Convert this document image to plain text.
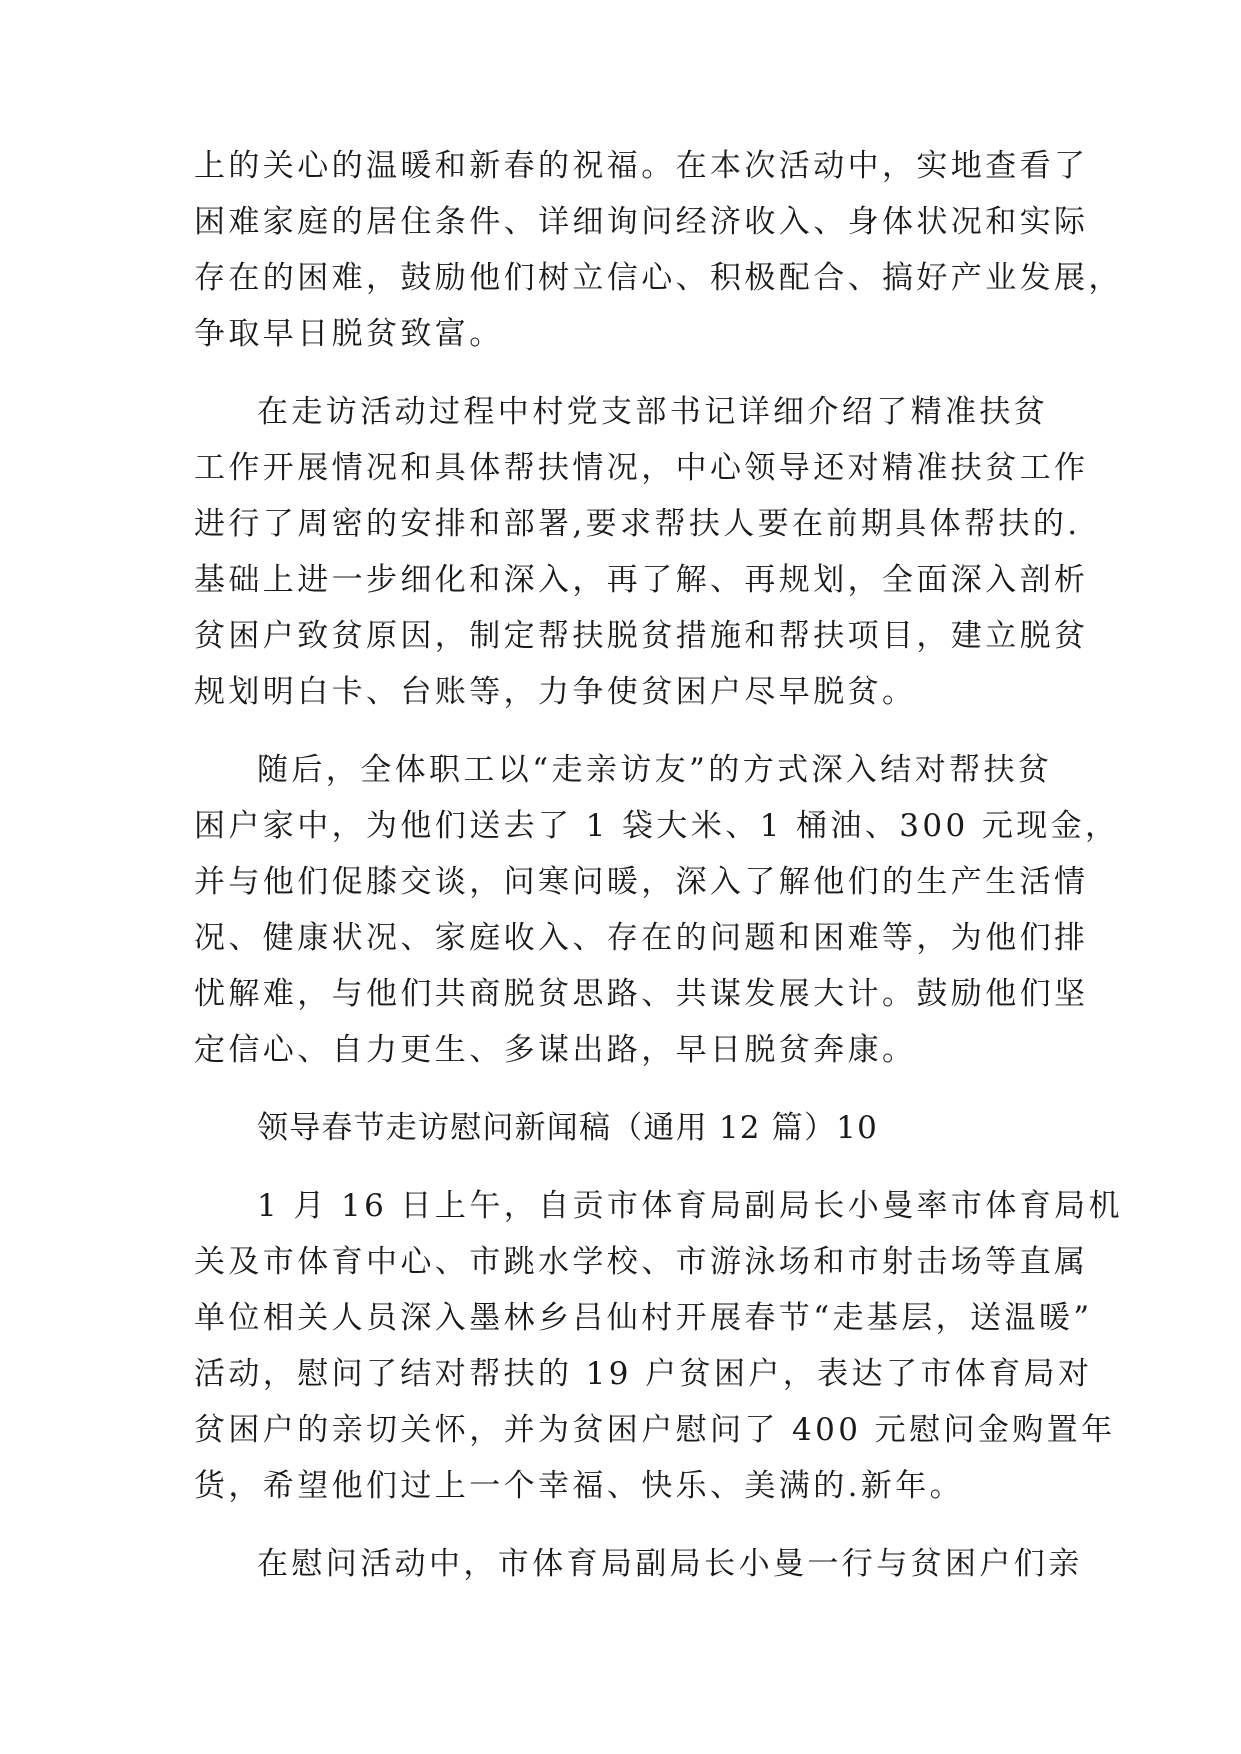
上的关心的温暖和新春的祝福。在本次活动中，实地查看了
困难家庭的居住条件、详细询问经济收入、身体状况和实际
存在的困难，鼓励他们树立信心、积极配合、搞好产业发展，
争取早日脱贫致富。
在走访活动过程中村党支部书记详细介绍了精准扶贫
工作开展情况和具体帮扶情况，中心领导还对精准扶贫工作
进行了周密的安排和部署,要求帮扶人要在前期具体帮扶的.
基础上进一步细化和深入，再了解、再规划，全面深入剖析
贫困户致贫原因，制定帮扶脱贫措施和帮扶项目，建立脱贫
规划明白卡、台账等，力争使贫困户尽早脱贫。
随后，全体职工以“走亲访友”的方式深入结对帮扶贫
困户家中，为他们送去了 1 袋大米、1 桶油、300 元现金，
并与他们促膝交谈，问寒问暖，深入了解他们的生产生活情
况、健康状况、家庭收入、存在的问题和困难等，为他们排
忧解难，与他们共商脱贫思路、共谋发展大计。鼓励他们坚
定信心、自力更生、多谋出路，早日脱贫奔康。
领导春节走访慰问新闻稿（通用 12 篇）10
1 月 16 日上午，自贡市体育局副局长小曼率市体育局机
关及市体育中心、市跳水学校、市游泳场和市射击场等直属
单位相关人员深入墨林乡吕仙村开展春节“走基层，送温暖”
活动，慰问了结对帮扶的 19 户贫困户，表达了市体育局对
贫困户的亲切关怀，并为贫困户慰问了 400 元慰问金购置年
货，希望他们过上一个幸福、快乐、美满的.新年。
在慰问活动中，市体育局副局长小曼一行与贫困户们亲
